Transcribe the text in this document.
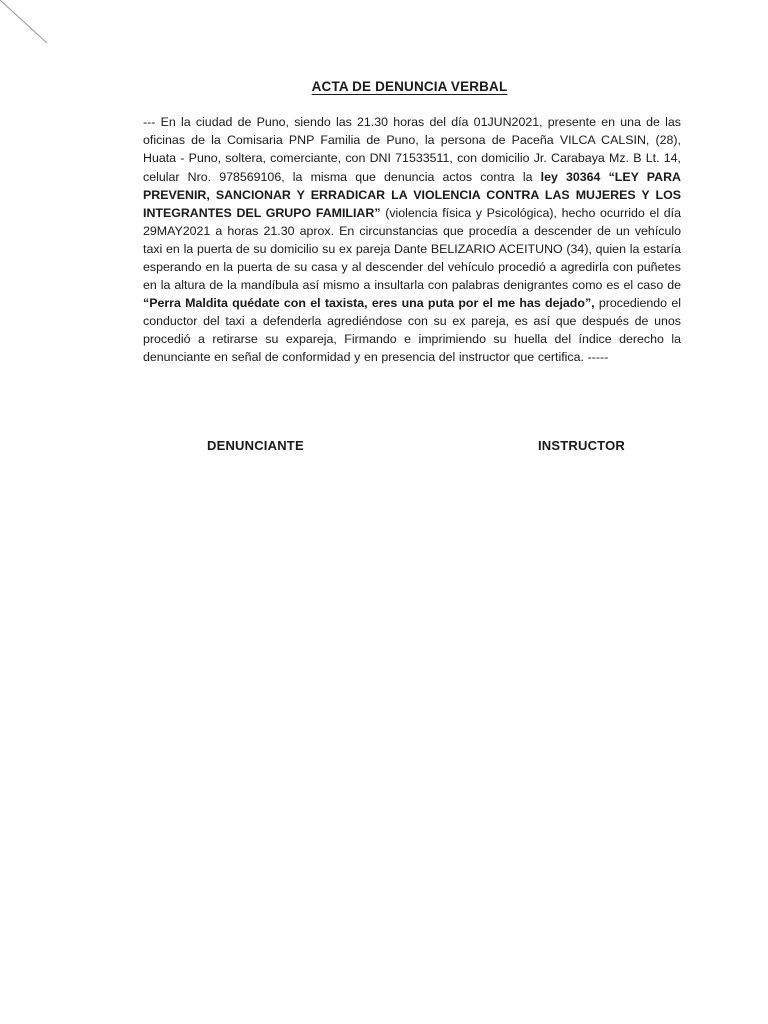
ACTA DE DENUNCIA VERBAL

--- En la ciudad de Puno, siendo las 21.30 horas del día 01JUN2021, presente en una de las oficinas de la Comisaria PNP Familia de Puno, la persona de Paceña VILCA CALSIN, (28), Huata - Puno, soltera, comerciante, con DNI 71533511, con domicilio Jr. Carabaya Mz. B Lt. 14, celular Nro. 978569106, la misma que denuncia actos contra la ley 30364 “LEY PARA PREVENIR, SANCIONAR Y ERRADICAR LA VIOLENCIA CONTRA LAS MUJERES Y LOS INTEGRANTES DEL GRUPO FAMILIAR” (violencia física y Psicológica), hecho ocurrido el día 29MAY2021 a horas 21.30 aprox. En circunstancias que procedía a descender de un vehículo taxi en la puerta de su domicilio su ex pareja Dante BELIZARIO ACEITUNO (34), quien la estaría esperando en la puerta de su casa y al descender del vehículo procedió a agredirla con puñetes en la altura de la mandíbula así mismo a insultarla con palabras denigrantes como es el caso de “Perra Maldita quédate con el taxista, eres una puta por el me has dejado”, procediendo el conductor del taxi a defenderla agrediéndose con su ex pareja, es así que después de unos procedió a retirarse su expareja, Firmando e imprimiendo su huella del índice derecho la denunciante en señal de conformidad y en presencia del instructor que certifica. -----

DENUNCIANTE	INSTRUCTOR
